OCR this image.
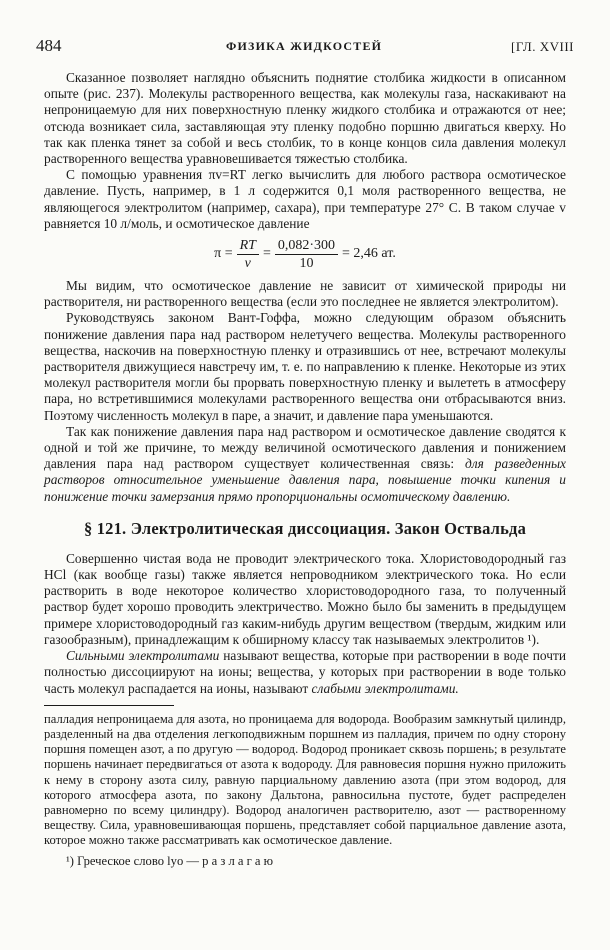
484	ФИЗИКА ЖИДКОСТЕЙ	[ГЛ. XVIII

Сказанное позволяет наглядно объяснить поднятие столбика жидкости в описанном опыте (рис. 237). Молекулы растворенного вещества, как молекулы газа, наскакивают на непроницаемую для них поверхностную пленку жидкого столбика и отражаются от нее; отсюда возникает сила, заставляющая эту пленку подобно поршню двигаться кверху. Но так как пленка тянет за собой и весь столбик, то в конце концов сила давления молекул растворенного вещества уравновешивается тяжестью столбика.

С помощью уравнения πv=RT легко вычислить для любого раствора осмотическое давление. Пусть, например, в 1 л содержится 0,1 моля растворенного вещества, не являющегося электролитом (например, сахара), при температуре 27° С. В таком случае v равняется 10 л/моль, и осмотическое давление

$\pi = \frac{RT}{v} = \frac{0,082\cdot 300}{10} = 2,46$ ат.

Мы видим, что осмотическое давление не зависит от химической природы ни растворителя, ни растворенного вещества (если это последнее не является электролитом).

Руководствуясь законом Вант-Гоффа, можно следующим образом объяснить понижение давления пара над раствором нелетучего вещества. Молекулы растворенного вещества, наскочив на поверхностную пленку и отразившись от нее, встречают молекулы растворителя движущиеся навстречу им, т. е. по направлению к пленке. Некоторые из этих молекул растворителя могли бы прорвать поверхностную пленку и вылететь в атмосферу пара, но встретившимися молекулами растворенного вещества они отбрасываются вниз. Поэтому численность молекул в паре, а значит, и давление пара уменьшаются.

Так как понижение давления пара над раствором и осмотическое давление сводятся к одной и той же причине, то между величиной осмотического давления и понижением давления пара над раствором существует количественная связь: для разведенных растворов относительное уменьшение давления пара, повышение точки кипения и понижение точки замерзания прямо пропорциональны осмотическому давлению.

§ 121. Электролитическая диссоциация. Закон Оствальда

Совершенно чистая вода не проводит электрического тока. Хлористоводородный газ HCl (как вообще газы) также является непроводником электрического тока. Но если растворить в воде некоторое количество хлористоводородного газа, то полученный раствор будет хорошо проводить электричество. Можно было бы заменить в предыдущем примере хлористоводородный газ каким-нибудь другим веществом (твердым, жидким или газообразным), принадлежащим к обширному классу так называемых электролитов ¹).

Сильными электролитами называют вещества, которые при растворении в воде почти полностью диссоциируют на ионы; вещества, у которых при растворении в воде только часть молекул распадается на ионы, называют слабыми электролитами.

палладия непроницаема для азота, но проницаема для водорода. Вообразим замкнутый цилиндр, разделенный на два отделения легкоподвижным поршнем из палладия, причем по одну сторону поршня помещен азот, а по другую — водород. Водород проникает сквозь поршень; в результате поршень начинает передвигаться от азота к водороду. Для равновесия поршня нужно приложить к нему в сторону азота силу, равную парциальному давлению азота (при этом водород, для которого атмосфера азота, по закону Дальтона, равносильна пустоте, будет распределен равномерно по всему цилиндру). Водород аналогичен растворителю, азот — растворенному веществу. Сила, уравновешивающая поршень, представляет собой парциальное давление азота, которое можно также рассматривать как осмотическое давление.

¹) Греческое слово lyo — р а з л а г а ю
